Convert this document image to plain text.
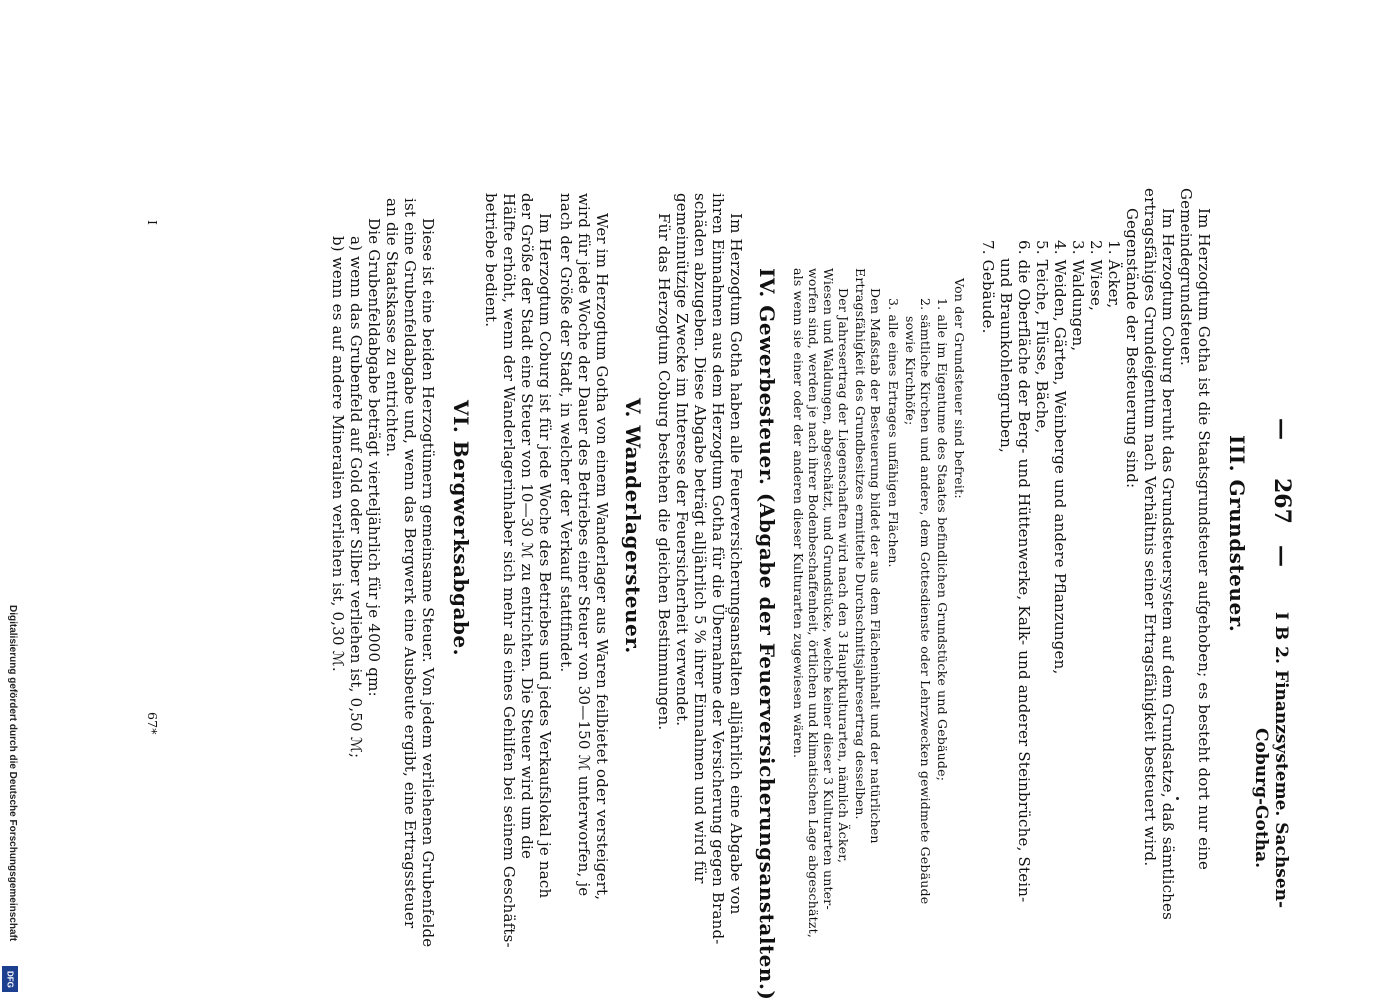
—
267
—
I B 2.
Finanzsysteme. Sachsen-
Coburg-Gotha.
III. Grundsteuer.
Im Herzogtum Gotha ist die Staatsgrundsteuer aufgehoben; es besteht dort nur eine
Gemeindegrundsteuer.
Im Herzogtum Coburg beruht das Grundsteuersystem auf dem Grundsatze, daß sämtliches
ertragsfähiges Grundeigentum nach Verhältnis seiner Ertragsfähigkeit besteuert wird.
Gegenstände der Besteuerung sind:
1. Äcker,
2. Wiese,
3. Waldungen,
4. Weiden, Gärten, Weinberge und andere Pflanzungen,
5. Teiche, Flüsse, Bäche,
6. die Oberfläche der Berg- und Hüttenwerke, Kalk- und anderer Steinbrüche, Stein-
und Braunkohlengruben,
7. Gebäude.
Von der Grundsteuer sind befreit:
1. alle im Eigentume des Staates befindlichen Grundstücke und Gebäude;
2. sämtliche Kirchen und andere, dem Gottesdienste oder Lehrzwecken gewidmete Gebäude
sowie Kirchhöfe;
3. alle eines Ertrages unfähigen Flächen.
Den Maßstab der Besteuerung bildet der aus dem Flächeninhalt und der natürlichen
Ertragsfähigkeit des Grundbesitzes ermittelte Durchschnittsjahresertrag desselben.
Der Jahresertrag der Liegenschaften wird nach den 3 Hauptkulturarten, nämlich Äcker,
Wiesen und Waldungen, abgeschätzt, und Grundstücke, welche keiner dieser 3 Kulturarten unter-
worfen sind, werden je nach ihrer Bodenbeschaffenheit, örtlichen und klimatischen Lage abgeschätzt,
als wenn sie einer oder der anderen dieser Kulturarten zugewiesen wären.
IV. Gewerbesteuer. (Abgabe der Feuerversicherungsanstalten.)
Im Herzogtum Gotha haben alle Feuerversicherungsanstalten alljährlich eine Abgabe von
ihren Einnahmen aus dem Herzogtum Gotha für die Übernahme der Versicherung gegen Brand-
schäden abzugeben. Diese Abgabe beträgt alljährlich 5 % ihrer Einnahmen und wird für
gemeinnützige Zwecke im Interesse der Feuersicherheit verwendet.
Für das Herzogtum Coburg bestehen die gleichen Bestimmungen.
V. Wanderlagersteuer.
Wer im Herzogtum Gotha von einem Wanderlager aus Waren feilbietet oder versteigert,
wird für jede Woche der Dauer des Betriebes einer Steuer von 30—150 ℳ unterworfen, je
nach der Größe der Stadt, in welcher der Verkauf stattfindet.
Im Herzogtum Coburg ist für jede Woche des Betriebes und jedes Verkaufslokal je nach
der Größe der Stadt eine Steuer von 10—30 ℳ zu entrichten. Die Steuer wird um die
Hälfte erhöht, wenn der Wanderlagerinhaber sich mehr als eines Gehilfen bei seinem Geschäfts-
betriebe bedient.
VI. Bergwerksabgabe.
Diese ist eine beiden Herzogtümern gemeinsame Steuer. Von jedem verliehenen Grubenfelde
ist eine Grubenfeldabgabe und, wenn das Bergwerk eine Ausbeute ergibt, eine Ertragssteuer
an die Staatskasse zu entrichten.
Die Grubenfeldabgabe beträgt vierteljährlich für je 4000 qm:
a) wenn das Grubenfeld auf Gold oder Silber verliehen ist, 0,50 ℳ;
b) wenn es auf andere Mineralien verliehen ist, 0,30 ℳ.
I
67*
Digitalisierung gefördert durch die Deutsche Forschungsgemeinschaft
DFG
